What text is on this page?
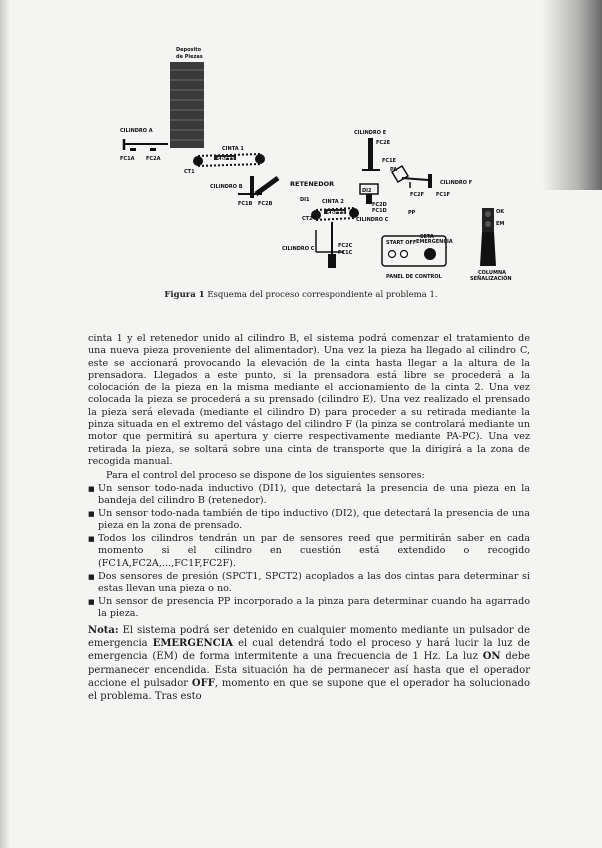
Deposito
de Piezas
CILINDRO A
FC1A FC2A
CINTA 1
SPCT1
CT1
CILINDRO B
FC1B FC2B
RETENEDOR
DI1	CINTA 2
SPCT2
CT2	CILINDRO C
CILINDRO C	FC2C
FC1C
CILINDRO E
FC2E
FC1E
DI2
FC2D
FC1D
PA
FC2F FC1F
CILINDRO F
PP
START OFF
SETA
EMERGENCIA
PANEL DE CONTROL
OK
EM
COLUMNA
SEÑALIZACIÓN
Figura 1 Esquema del proceso correspondiente al problema 1.
cinta 1 y el retenedor unido al cilindro B, el sistema podrá comenzar el tratamiento de una nueva pieza proveniente del alimentador). Una vez la pieza ha llegado al cilindro C, este se accionará provocando la elevación de la cinta hasta llegar a la altura de la prensadora. Llegados a este punto, si la prensadora está libre se procederá a la colocación de la pieza en la misma mediante el accionamiento de la cinta 2. Una vez colocada la pieza se procederá a su prensado (cilindro E). Una vez realizado el prensado la pieza será elevada (mediante el cilindro D) para proceder a su retirada mediante la pinza situada en el extremo del vástago del cilindro F (la pinza se controlará mediante un motor que permitirá su apertura y cierre respectivamente mediante PA-PC). Una vez retirada la pieza, se soltará sobre una cinta de transporte que la dirigirá a la zona de recogida manual.
Para el control del proceso se dispone de los siguientes sensores:
■ Un sensor todo-nada inductivo (DI1), que detectará la presencia de una pieza en la bandeja del cilindro B (retenedor).
■ Un sensor todo-nada también de tipo inductivo (DI2), que detectará la presencia de una pieza en la zona de prensado.
■ Todos los cilindros tendrán un par de sensores reed que permitirán saber en cada momento si el cilindro en cuestión está extendido o recogido (FC1A,FC2A,...,FC1F,FC2F).
■ Dos sensores de presión (SPCT1, SPCT2) acoplados a las dos cintas para determinar si estas llevan una pieza o no.
■ Un sensor de presencia PP incorporado a la pinza para determinar cuando ha agarrado la pieza.
Nota: El sistema podrá ser detenido en cualquier momento mediante un pulsador de emergencia EMERGENCIA el cual detendrá todo el proceso y hará lucir la luz de emergencia (EM) de forma intermitente a una frecuencia de 1 Hz. La luz ON debe permanecer encendida. Esta situación ha de permanecer así hasta que el operador accione el pulsador OFF, momento en que se supone que el operador ha solucionado el problema. Tras esto
